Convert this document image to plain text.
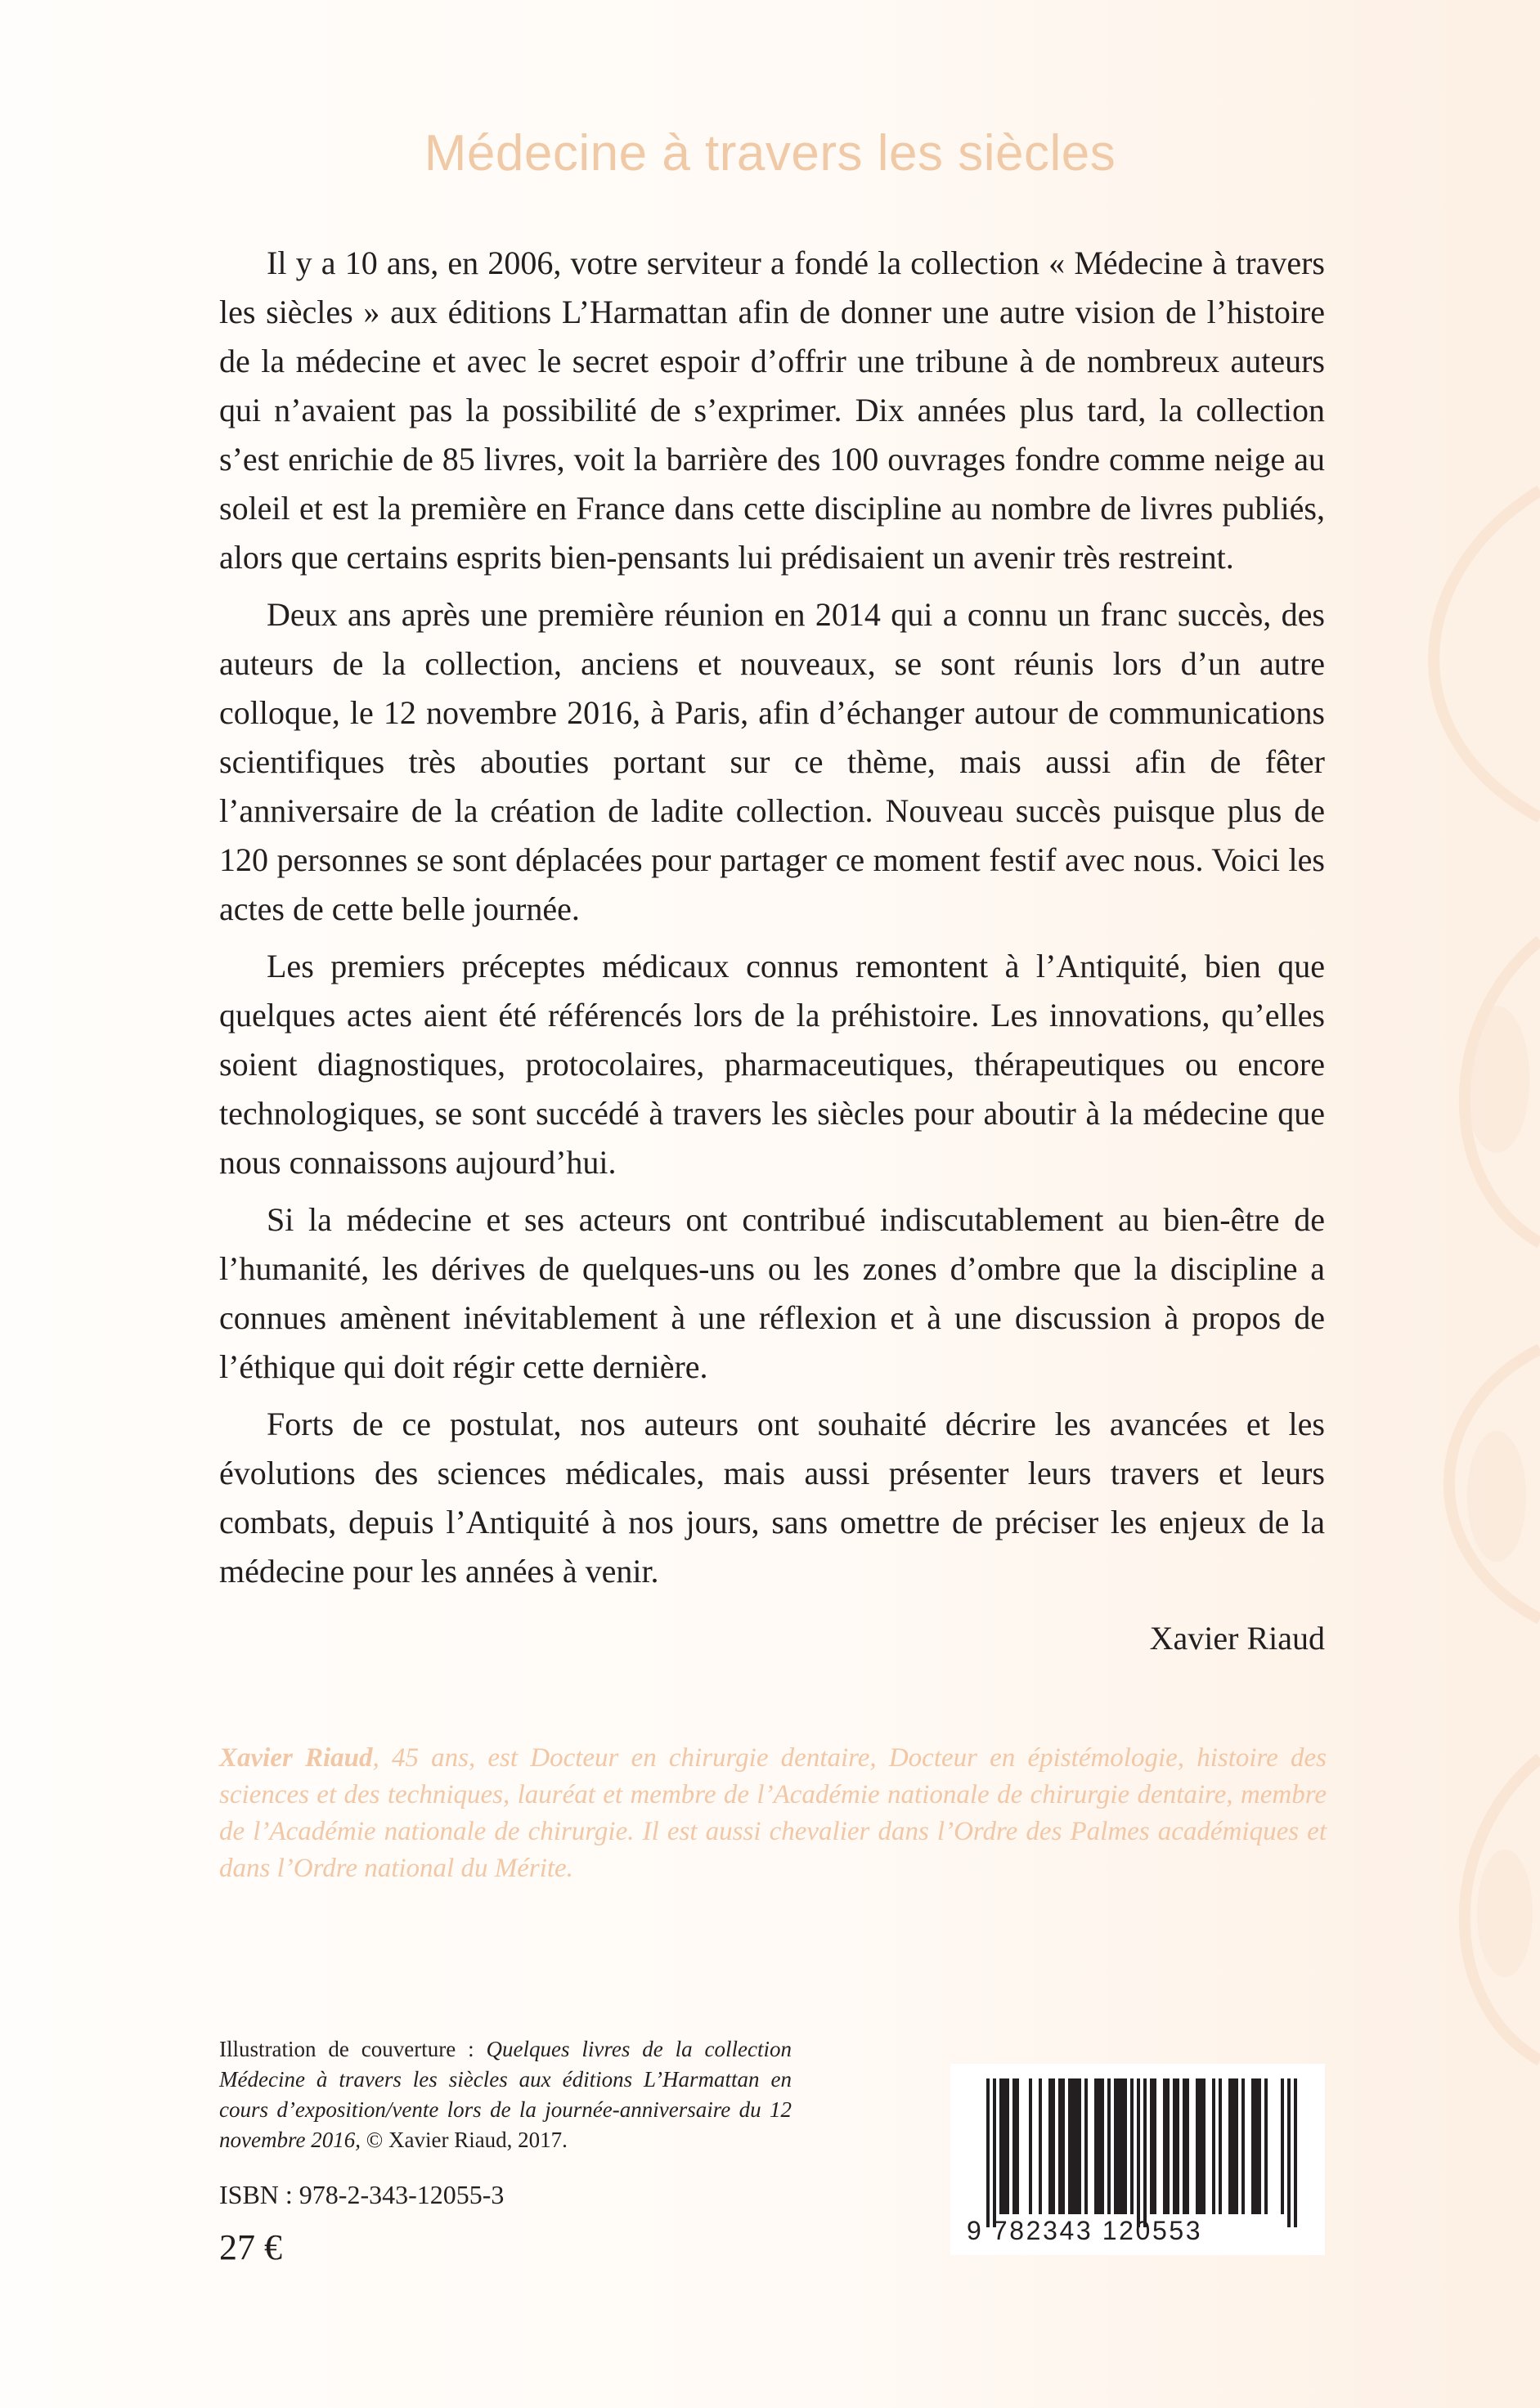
Médecine à travers les siècles

Il y a 10 ans, en 2006, votre serviteur a fondé la collection « Médecine à travers les siècles » aux éditions L’Harmattan afin de donner une autre vision de l’histoire de la médecine et avec le secret espoir d’offrir une tribune à de nombreux auteurs qui n’avaient pas la possibilité de s’exprimer. Dix années plus tard, la collection s’est enrichie de 85 livres, voit la barrière des 100 ouvrages fondre comme neige au soleil et est la première en France dans cette discipline au nombre de livres publiés, alors que certains esprits bien-pensants lui prédisaient un avenir très restreint.

Deux ans après une première réunion en 2014 qui a connu un franc succès, des auteurs de la collection, anciens et nouveaux, se sont réunis lors d’un autre colloque, le 12 novembre 2016, à Paris, afin d’échanger autour de communications scientifiques très abouties portant sur ce thème, mais aussi afin de fêter l’anniversaire de la création de ladite collection. Nouveau succès puisque plus de 120 personnes se sont déplacées pour partager ce moment festif avec nous. Voici les actes de cette belle journée.

Les premiers préceptes médicaux connus remontent à l’Antiquité, bien que quelques actes aient été référencés lors de la préhistoire. Les innovations, qu’elles soient diagnostiques, protocolaires, pharmaceutiques, thérapeutiques ou encore technologiques, se sont succédé à travers les siècles pour aboutir à la médecine que nous connaissons aujourd’hui.

Si la médecine et ses acteurs ont contribué indiscutablement au bien-être de l’humanité, les dérives de quelques-uns ou les zones d’ombre que la discipline a connues amènent inévitablement à une réflexion et à une discussion à propos de l’éthique qui doit régir cette dernière.

Forts de ce postulat, nos auteurs ont souhaité décrire les avancées et les évolutions des sciences médicales, mais aussi présenter leurs travers et leurs combats, depuis l’Antiquité à nos jours, sans omettre de préciser les enjeux de la médecine pour les années à venir.

Xavier Riaud
Xavier Riaud, 45 ans, est Docteur en chirurgie dentaire, Docteur en épistémologie, histoire des sciences et des techniques, lauréat et membre de l’Académie nationale de chirurgie dentaire, membre de l’Académie nationale de chirurgie. Il est aussi chevalier dans l’Ordre des Palmes académiques et dans l’Ordre national du Mérite.
Illustration de couverture : Quelques livres de la collection Médecine à travers les siècles aux éditions L’Harmattan en cours d’exposition/vente lors de la journée-anniversaire du 12 novembre 2016, © Xavier Riaud, 2017.
ISBN : 978-2-343-12055-3
27 €	9 782343 120553
